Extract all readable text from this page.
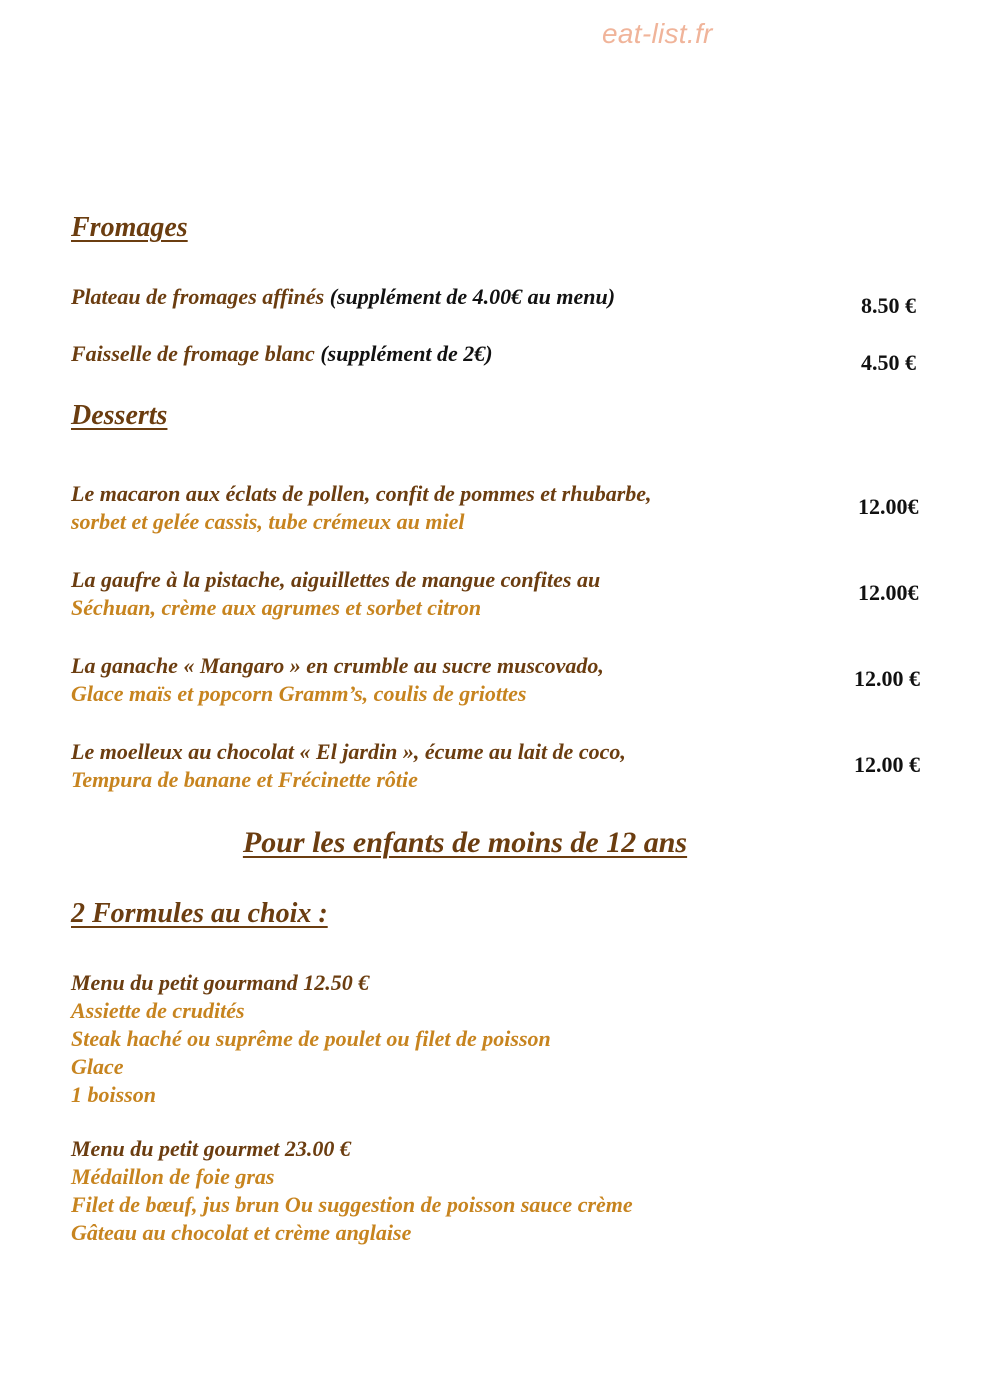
eat-list.fr
Fromages
Plateau de fromages affinés (supplément de 4.00€ au menu)	8.50 €
Faisselle de fromage blanc (supplément de 2€)	4.50 €
Desserts
Le macaron aux éclats de pollen, confit de pommes et rhubarbe,
sorbet et gelée cassis, tube crémeux au miel
12.00€
La gaufre à la pistache, aiguillettes de mangue confites au
Séchuan, crème aux agrumes et sorbet citron
12.00€
La ganache « Mangaro » en crumble au sucre muscovado,
Glace maïs et popcorn Gramm’s, coulis de griottes
12.00 €
Le moelleux au chocolat « El jardin », écume au lait de coco,
Tempura de banane et Frécinette rôtie
12.00 €
Pour les enfants de moins de 12 ans
2 Formules au choix :
Menu du petit gourmand 12.50 €
Assiette de crudités
Steak haché ou suprême de poulet ou filet de poisson
Glace
1 boisson
Menu du petit gourmet 23.00 €
Médaillon de foie gras
Filet de bœuf, jus brun Ou suggestion de poisson sauce crème
Gâteau au chocolat et crème anglaise
